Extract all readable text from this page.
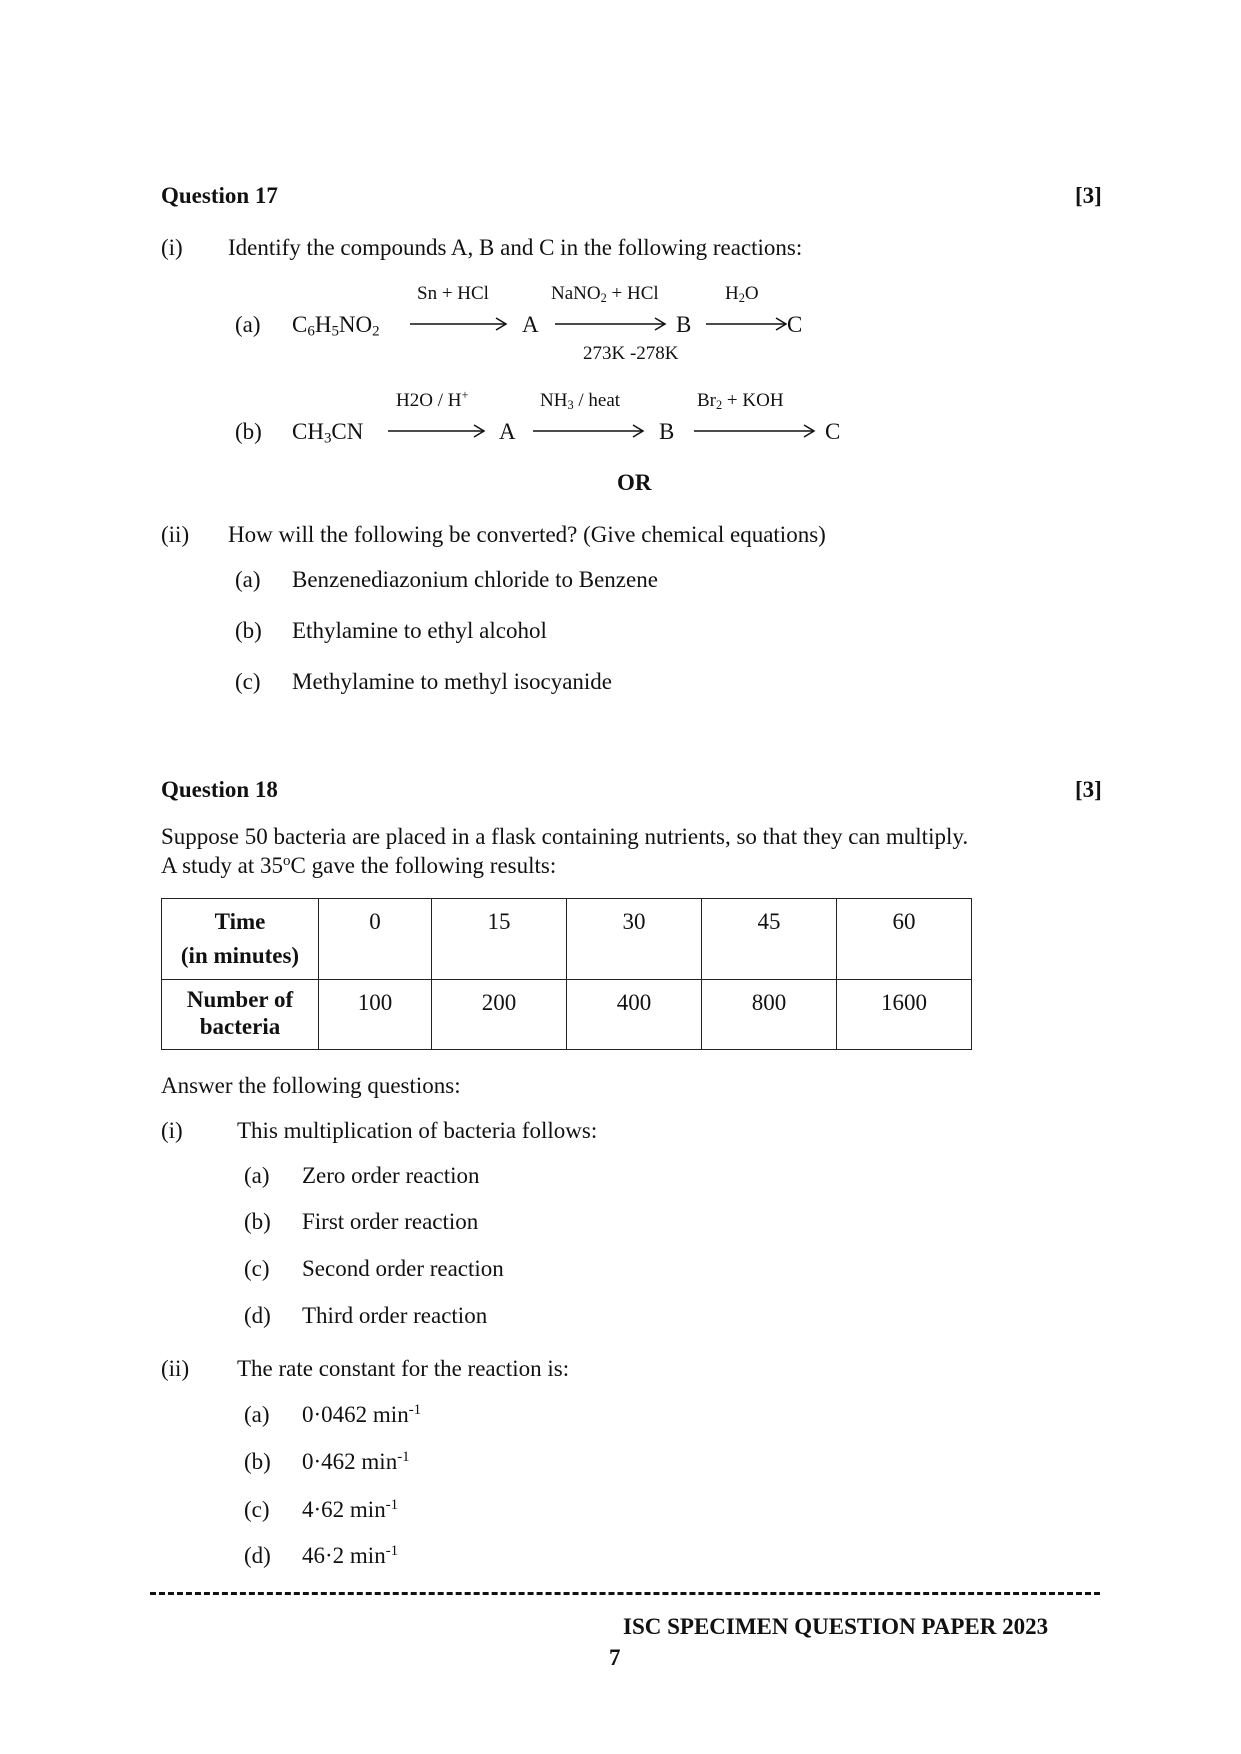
Question 17	[3]
(i) Identify the compounds A, B and C in the following reactions:
(a) $C_6H_5NO_2$
Sn + HCl
A
NaNO$_2$ + HCl
273K -278K
B
$H_2O$
C
(b) $CH_3CN$
H2O / H+
A
$NH_3$ / heat
B
$Br_2$ + KOH
C
OR
(ii) How will the following be converted? (Give chemical equations)
(a) Benzenediazonium chloride to Benzene
(b) Ethylamine to ethyl alcohol
(c) Methylamine to methyl isocyanide
Question 18	[3]
Suppose 50 bacteria are placed in a flask containing nutrients, so that they can multiply.
A study at 35$^o$C gave the following results:
Time
(in minutes)	0	15	30	45	60
Number of
bacteria	100	200	400	800	1600
Answer the following questions:
(i) This multiplication of bacteria follows:
(a) Zero order reaction
(b) First order reaction
(c) Second order reaction
(d) Third order reaction
(ii) The rate constant for the reaction is:
(a) 0·0462 $\min^{-1}$
(b) 0·462 $\min^{-1}$
(c) 4·62 $\min^{-1}$
(d) 46·2 $\min^{-1}$
ISC SPECIMEN QUESTION PAPER 2023
7
